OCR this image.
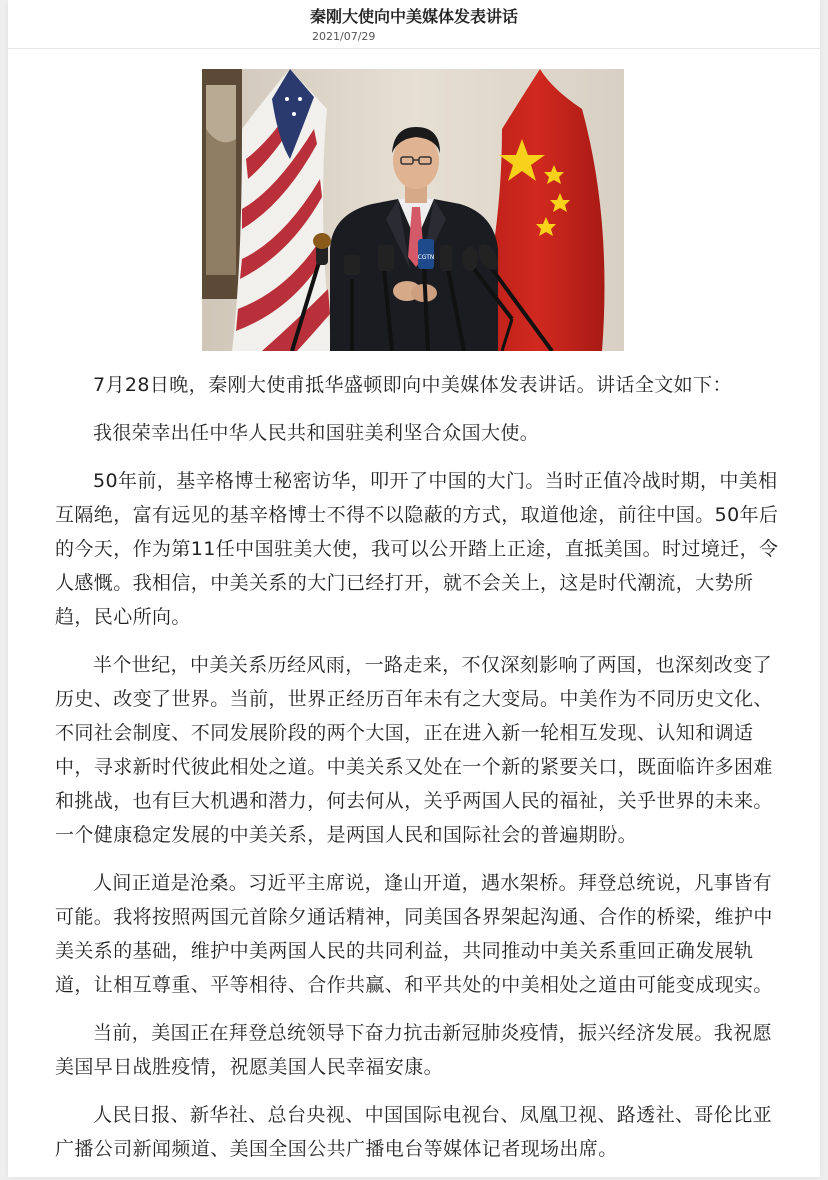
秦刚大使向中美媒体发表讲话
2021/07/29
CGTN

7月28日晚，秦刚大使甫抵华盛顿即向中美媒体发表讲话。讲话全文如下：

我很荣幸出任中华人民共和国驻美利坚合众国大使。

50年前，基辛格博士秘密访华，叩开了中国的大门。当时正值冷战时期，中美相互隔绝，富有远见的基辛格博士不得不以隐蔽的方式，取道他途，前往中国。50年后的今天，作为第11任中国驻美大使，我可以公开踏上正途，直抵美国。时过境迁，令人感慨。我相信，中美关系的大门已经打开，就不会关上，这是时代潮流，大势所趋，民心所向。

半个世纪，中美关系历经风雨，一路走来，不仅深刻影响了两国，也深刻改变了历史、改变了世界。当前，世界正经历百年未有之大变局。中美作为不同历史文化、不同社会制度、不同发展阶段的两个大国，正在进入新一轮相互发现、认知和调适中，寻求新时代彼此相处之道。中美关系又处在一个新的紧要关口，既面临许多困难和挑战，也有巨大机遇和潜力，何去何从，关乎两国人民的福祉，关乎世界的未来。一个健康稳定发展的中美关系，是两国人民和国际社会的普遍期盼。

人间正道是沧桑。习近平主席说，逢山开道，遇水架桥。拜登总统说，凡事皆有可能。我将按照两国元首除夕通话精神，同美国各界架起沟通、合作的桥梁，维护中美关系的基础，维护中美两国人民的共同利益，共同推动中美关系重回正确发展轨道，让相互尊重、平等相待、合作共赢、和平共处的中美相处之道由可能变成现实。

当前，美国正在拜登总统领导下奋力抗击新冠肺炎疫情，振兴经济发展。我祝愿美国早日战胜疫情，祝愿美国人民幸福安康。

人民日报、新华社、总台央视、中国国际电视台、凤凰卫视、路透社、哥伦比亚广播公司新闻频道、美国全国公共广播电台等媒体记者现场出席。
